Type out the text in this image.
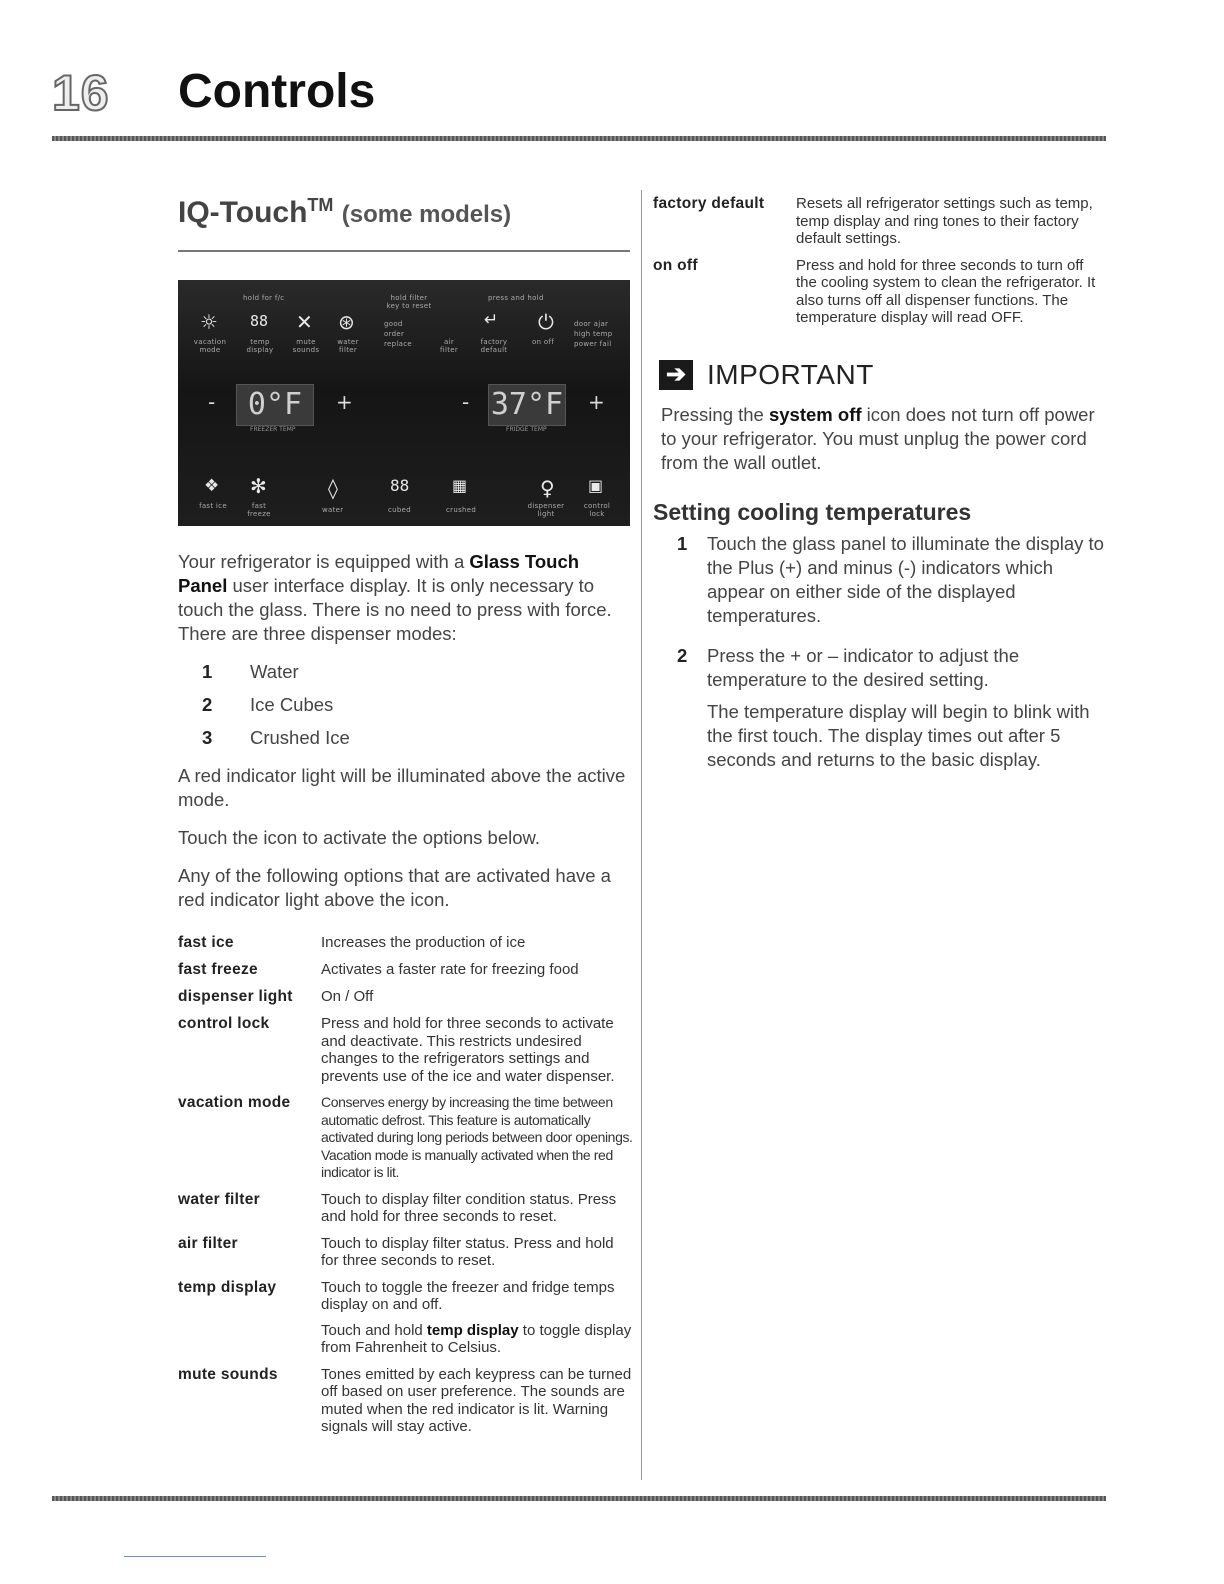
16 Controls
IQ-Touch™ (some models)
hold for f/c	hold filter key to reset
press and hold
☼ 88 ✕ ⊛	↵ ⏻
vacation mode
temp display
mute sounds
water filter
air filter
factory default
on off
good
order
replace
door ajar
high temp
power fail
-	0°F
FREEZER TEMP
+	- 37°F
FRIDGE TEMP
+
❖ ✻	◊	88	▦	♀ ▣
fast ice	fast freeze	water	cubed	crushed	dispenser light
control lock

Your refrigerator is equipped with a Glass Touch Panel user interface display. It is only necessary to touch the glass. There is no need to press with force. There are three dispenser modes:

1	Water
2	Ice Cubes
3	Crushed Ice

A red indicator light will be illuminated above the active mode.

Touch the icon to activate the options below.

Any of the following options that are activated have a red indicator light above the icon.

fast ice	Increases the production of ice
fast freeze	Activates a faster rate for freezing food
dispenser light	On / Off
control lock	Press and hold for three seconds to activate and deactivate. This restricts undesired changes to the refrigerators settings and prevents use of the ice and water dispenser.
vacation mode	Conserves energy by increasing the time between automatic defrost. This feature is automatically activated during long periods between door openings. Vacation mode is manually activated when the red indicator is lit.
water filter	Touch to display filter condition status. Press and hold for three seconds to reset.
air filter	Touch to display filter status. Press and hold for three seconds to reset.
temp display	Touch to toggle the freezer and fridge temps display on and off.
Touch and hold temp display to toggle display from Fahrenheit to Celsius.
mute sounds	Tones emitted by each keypress can be turned off based on user preference. The sounds are muted when the red indicator is lit. Warning signals will stay active.
factory default	Resets all refrigerator settings such as temp, temp display and ring tones to their factory default settings.
on off	Press and hold for three seconds to turn off the cooling system to clean the refrigerator. It also turns off all dispenser functions. The temperature display will read OFF.
➔ IMPORTANT

Pressing the system off icon does not turn off power to your refrigerator. You must unplug the power cord from the wall outlet.

Setting cooling temperatures
1	Touch the glass panel to illuminate the display to the Plus (+) and minus (-) indicators which appear on either side of the displayed temperatures.

2	Press the + or – indicator to adjust the temperature to the desired setting.

The temperature display will begin to blink with the first touch. The display times out after 5 seconds and returns to the basic display.
